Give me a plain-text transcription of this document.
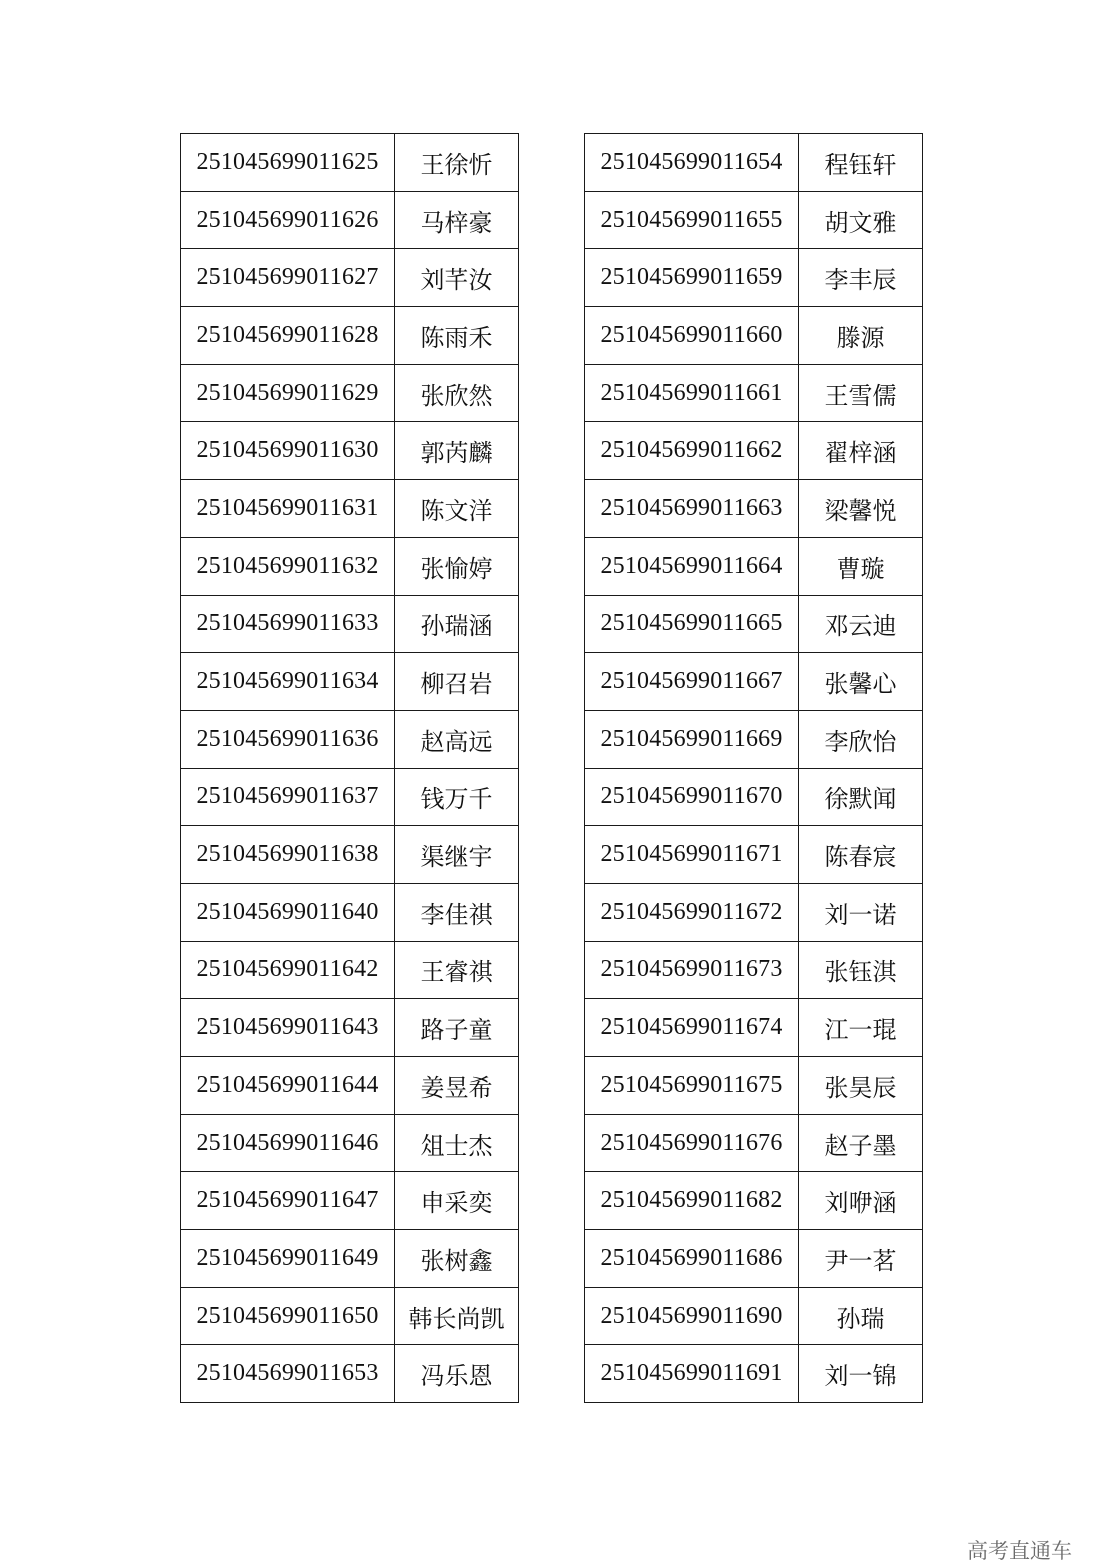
251045699011625	王徐忻
251045699011626	马梓豪
251045699011627	刘芊汝
251045699011628	陈雨禾
251045699011629	张欣然
251045699011630	郭芮麟
251045699011631	陈文洋
251045699011632	张愉婷
251045699011633	孙瑞涵
251045699011634	柳召岩
251045699011636	赵高远
251045699011637	钱万千
251045699011638	渠继宇
251045699011640	李佳祺
251045699011642	王睿祺
251045699011643	路子童
251045699011644	姜昱希
251045699011646	俎士杰
251045699011647	申采奕
251045699011649	张树鑫
251045699011650	韩长尚凯
251045699011653	冯乐恩
251045699011654	程钰轩
251045699011655	胡文雅
251045699011659	李丰辰
251045699011660	滕源
251045699011661	王雪儒
251045699011662	翟梓涵
251045699011663	梁馨悦
251045699011664	曹璇
251045699011665	邓云迪
251045699011667	张馨心
251045699011669	李欣怡
251045699011670	徐默闻
251045699011671	陈春宸
251045699011672	刘一诺
251045699011673	张钰淇
251045699011674	江一琨
251045699011675	张昊辰
251045699011676	赵子墨
251045699011682	刘咿涵
251045699011686	尹一茗
251045699011690	孙瑞
251045699011691	刘一锦
高考直通车
